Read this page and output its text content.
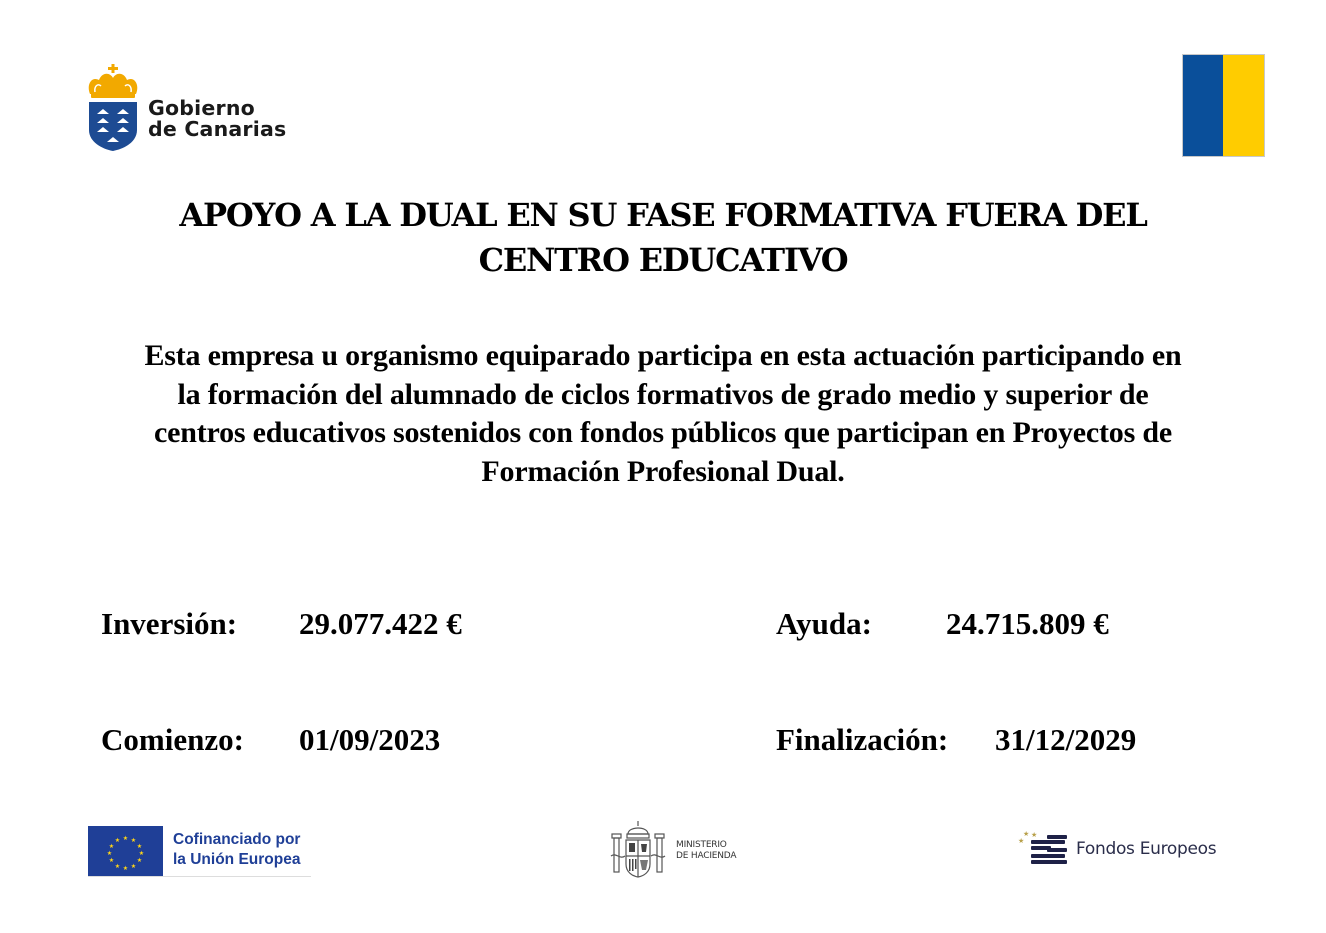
Gobierno
de Canarias
APOYO A LA DUAL EN SU FASE FORMATIVA FUERA DEL
CENTRO EDUCATIVO
Esta empresa u organismo equiparado participa en esta actuación participando en
la formación del alumnado de ciclos formativos de grado medio y superior de
centros educativos sostenidos con fondos públicos que participan en Proyectos de
Formación Profesional Dual.
Inversión: 29.077.422 €	Ayuda: 24.715.809 €
Comienzo: 01/09/2023	Finalización: 31/12/2029
★ ★
★
★
★
★
★
★
★
★
★
★	Cofinanciado por
la Unión Europea
MINISTERIO
DE HACIENDA
★ ★
★	Fondos Europeos
